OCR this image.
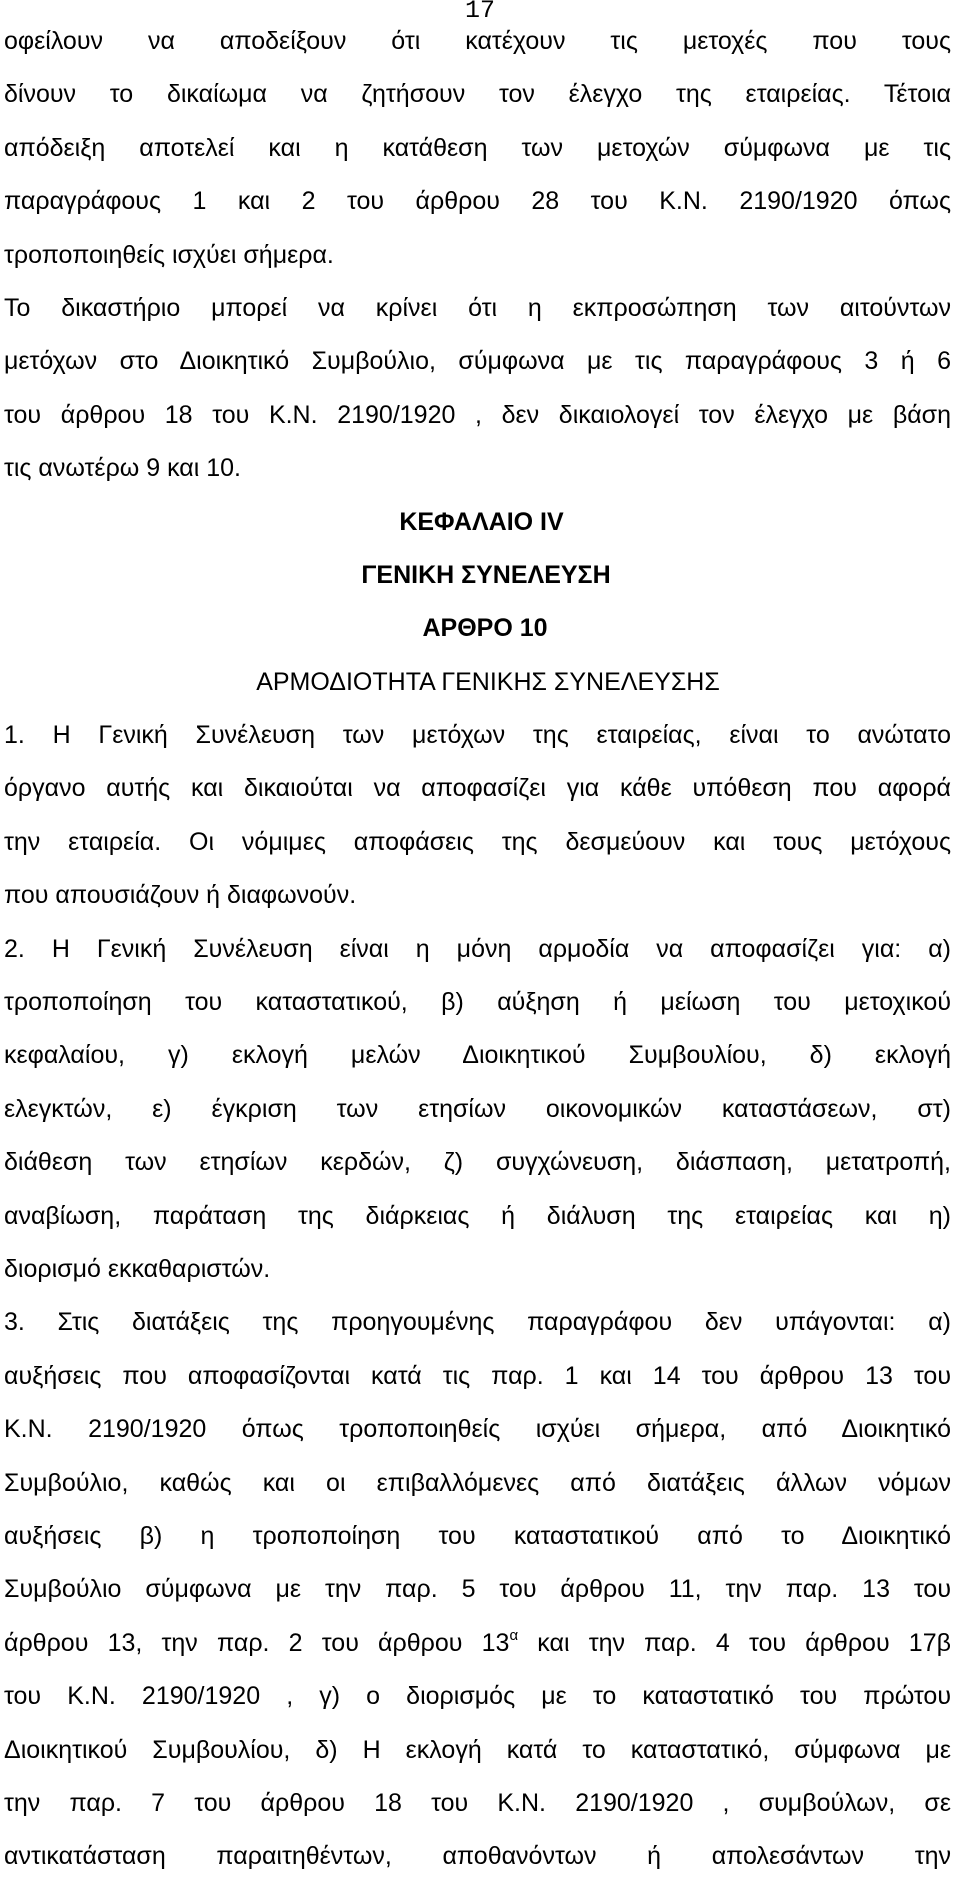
17
οφείλουν να αποδείξουν ότι κατέχουν τις μετοχές που τους
δίνουν το δικαίωμα να ζητήσουν τον έλεγχο της εταιρείας. Τέτοια
απόδειξη αποτελεί και η κατάθεση των μετοχών σύμφωνα με τις
παραγράφους 1 και 2 του άρθρου 28 του Κ.Ν. 2190/1920 όπως
τροποποιηθείς ισχύει σήμερα.
Το δικαστήριο μπορεί να κρίνει ότι η εκπροσώπηση των αιτούντων
μετόχων στο Διοικητικό Συμβούλιο, σύμφωνα με τις παραγράφους 3 ή 6
του άρθρου 18 του Κ.Ν. 2190/1920 , δεν δικαιολογεί τον έλεγχο με βάση
τις ανωτέρω 9 και 10.
ΚΕΦΑΛΑΙΟ IV
ΓΕΝΙΚΗ ΣΥΝΕΛΕΥΣΗ
ΑΡΘΡΟ 10
ΑΡΜΟΔΙΟΤΗΤΑ ΓΕΝΙΚΗΣ ΣΥΝΕΛΕΥΣΗΣ
1. Η Γενική Συνέλευση των μετόχων της εταιρείας, είναι το ανώτατο
όργανο αυτής και δικαιούται να αποφασίζει για κάθε υπόθεση που αφορά
την εταιρεία. Οι νόμιμες αποφάσεις της δεσμεύουν και τους μετόχους
που απουσιάζουν ή διαφωνούν.
2. Η Γενική Συνέλευση είναι η μόνη αρμοδία να αποφασίζει για: α)
τροποποίηση του καταστατικού, β) αύξηση ή μείωση του μετοχικού
κεφαλαίου, γ) εκλογή μελών Διοικητικού Συμβουλίου, δ) εκλογή
ελεγκτών, ε) έγκριση των ετησίων οικονομικών καταστάσεων, στ)
διάθεση των ετησίων κερδών, ζ) συγχώνευση, διάσπαση, μετατροπή,
αναβίωση, παράταση της διάρκειας ή διάλυση της εταιρείας και η)
διορισμό εκκαθαριστών.
3. Στις διατάξεις της προηγουμένης παραγράφου δεν υπάγονται: α)
αυξήσεις που αποφασίζονται κατά τις παρ. 1 και 14 του άρθρου 13 του
Κ.Ν. 2190/1920 όπως τροποποιηθείς ισχύει σήμερα, από Διοικητικό
Συμβούλιο, καθώς και οι επιβαλλόμενες από διατάξεις άλλων νόμων
αυξήσεις β) η τροποποίηση του καταστατικού από το Διοικητικό
Συμβούλιο σύμφωνα με την παρ. 5 του άρθρου 11, την παρ. 13 του
άρθρου 13, την παρ. 2 του άρθρου $13^\alpha$ και την παρ. 4 του άρθρου 17β
του Κ.Ν. 2190/1920 , γ) ο διορισμός με το καταστατικό του πρώτου
Διοικητικού Συμβουλίου, δ) Η εκλογή κατά το καταστατικό, σύμφωνα με
την παρ. 7 του άρθρου 18 του Κ.Ν. 2190/1920 , συμβούλων, σε
αντικατάσταση παραιτηθέντων, αποθανόντων ή απολεσάντων την
